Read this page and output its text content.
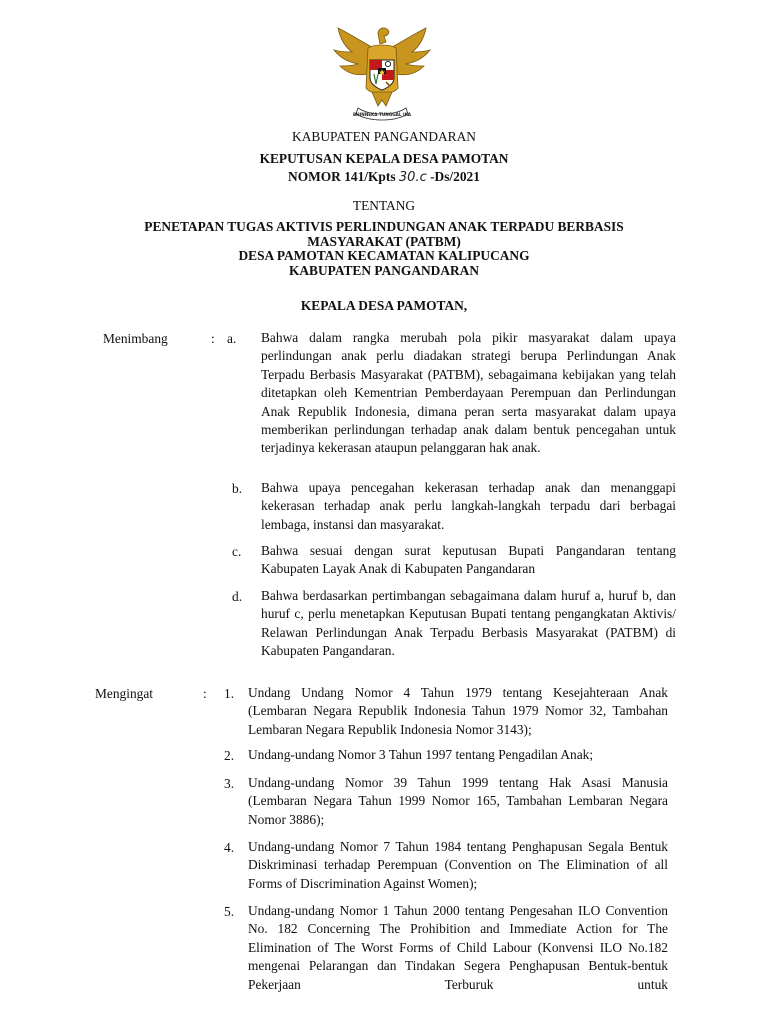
BHINNEKA TUNGGAL IKA
KABUPATEN PANGANDARAN
KEPUTUSAN KEPALA DESA PAMOTAN
NOMOR 141/Kpts 30.c -Ds/2021
TENTANG
PENETAPAN TUGAS AKTIVIS PERLINDUNGAN ANAK TERPADU BERBASIS
MASYARAKAT (PATBM)
DESA PAMOTAN KECAMATAN KALIPUCANG
KABUPATEN PANGANDARAN
KEPALA DESA PAMOTAN,
Menimbang	: a. Bahwa dalam rangka merubah pola pikir masyarakat dalam upaya perlindungan anak perlu diadakan strategi berupa Perlindungan Anak Terpadu Berbasis Masyarakat (PATBM), sebagaimana kebijakan yang telah ditetapkan oleh Kementrian Pemberdayaan Perempuan dan Perlindungan Anak Republik Indonesia, dimana peran serta masyarakat dalam upaya memberikan perlindungan terhadap anak dalam bentuk pencegahan untuk terjadinya kekerasan ataupun pelanggaran hak anak.
b. Bahwa upaya pencegahan kekerasan terhadap anak dan menanggapi kekerasan terhadap anak perlu langkah-langkah terpadu dari berbagai lembaga, instansi dan masyarakat.
c. Bahwa sesuai dengan surat keputusan Bupati Pangandaran tentang Kabupaten Layak Anak di Kabupaten Pangandaran
d. Bahwa berdasarkan pertimbangan sebagaimana dalam huruf a, huruf b, dan huruf c, perlu menetapkan Keputusan Bupati tentang pengangkatan Aktivis/ Relawan Perlindungan Anak Terpadu Berbasis Masyarakat (PATBM) di Kabupaten Pangandaran.
Mengingat	: 1. Undang Undang Nomor 4 Tahun 1979 tentang Kesejahteraan Anak (Lembaran Negara Republik Indonesia Tahun 1979 Nomor 32, Tambahan Lembaran Negara Republik Indonesia Nomor 3143);
2. Undang-undang Nomor 3 Tahun 1997 tentang Pengadilan Anak;
3. Undang-undang Nomor 39 Tahun 1999 tentang Hak Asasi Manusia (Lembaran Negara Tahun 1999 Nomor 165, Tambahan Lembaran Negara Nomor 3886);
4. Undang-undang Nomor 7 Tahun 1984 tentang Penghapusan Segala Bentuk Diskriminasi terhadap Perempuan (Convention on The Elimination of all Forms of Discrimination Against Women);
5. Undang-undang Nomor 1 Tahun 2000 tentang Pengesahan ILO Convention No. 182 Concerning The Prohibition and Immediate Action for The Elimination of The Worst Forms of Child Labour (Konvensi ILO No.182 mengenai Pelarangan dan Tindakan Segera Penghapusan Bentuk-bentuk Pekerjaan Terburuk untuk
